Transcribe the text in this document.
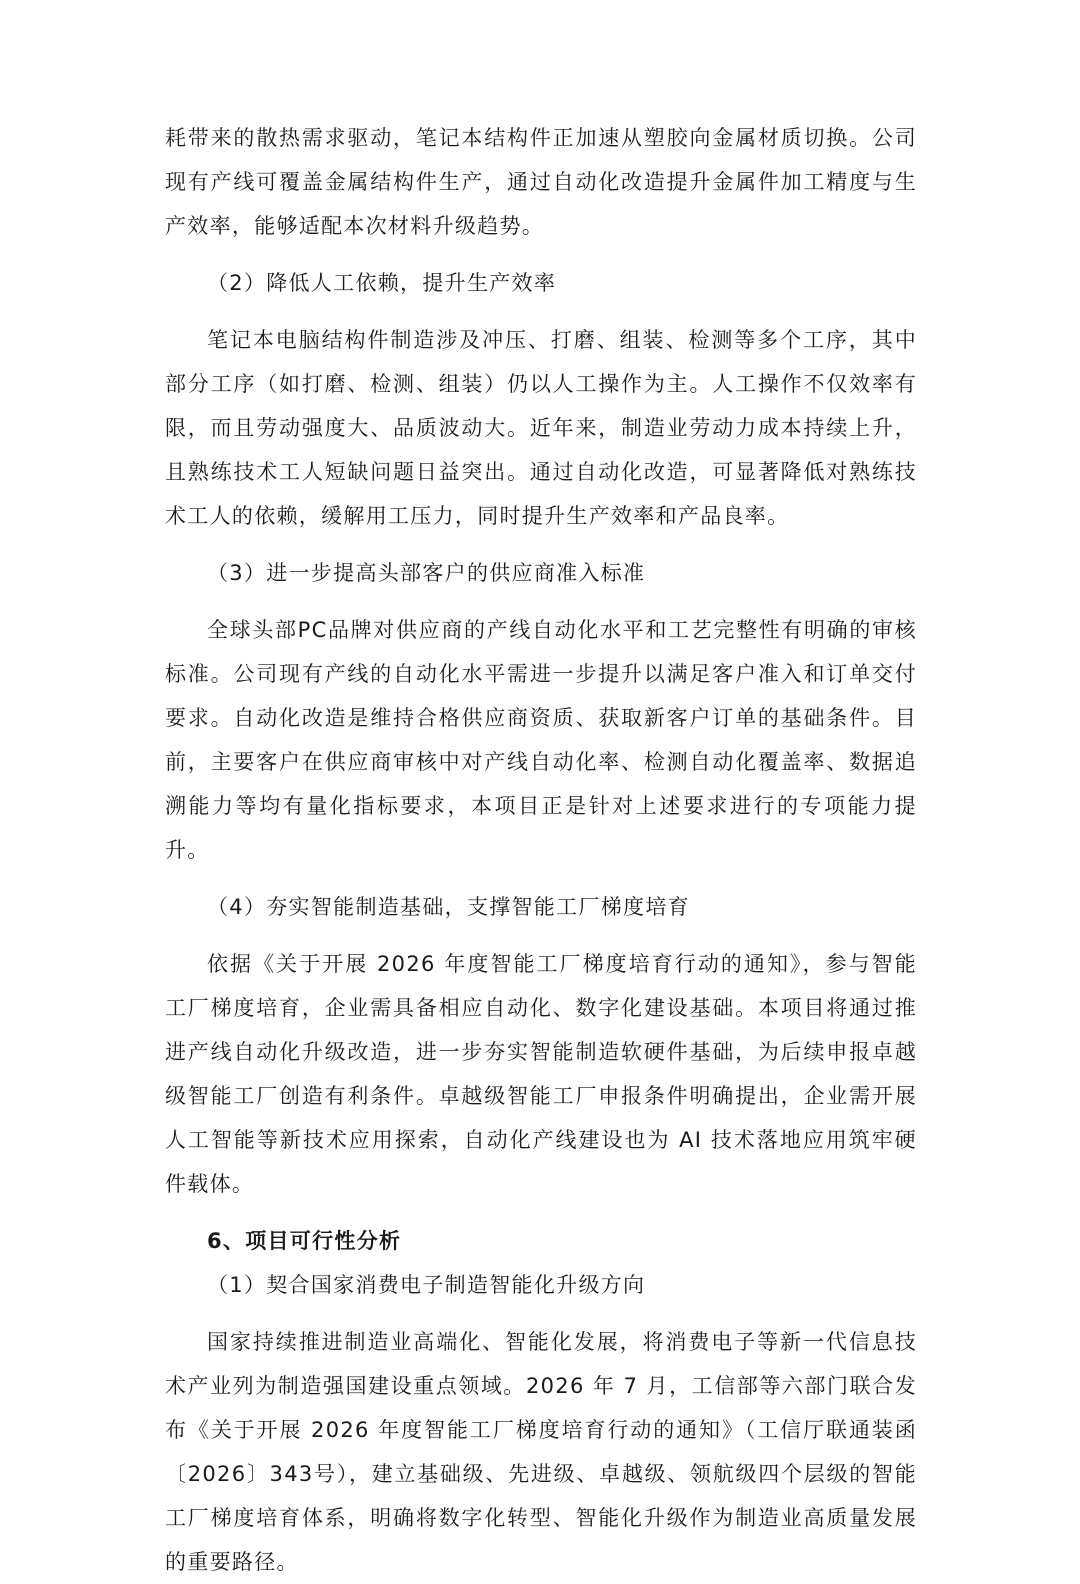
耗带来的散热需求驱动，笔记本结构件正加速从塑胶向金属材质切换。公司现有产线可覆盖金属结构件生产，通过自动化改造提升金属件加工精度与生产效率，能够适配本次材料升级趋势。

（2）降低人工依赖，提升生产效率

笔记本电脑结构件制造涉及冲压、打磨、组装、检测等多个工序，其中部分工序（如打磨、检测、组装）仍以人工操作为主。人工操作不仅效率有限，而且劳动强度大、品质波动大。近年来，制造业劳动力成本持续上升，且熟练技术工人短缺问题日益突出。通过自动化改造，可显著降低对熟练技术工人的依赖，缓解用工压力，同时提升生产效率和产品良率。

（3）进一步提高头部客户的供应商准入标准

全球头部PC品牌对供应商的产线自动化水平和工艺完整性有明确的审核标准。公司现有产线的自动化水平需进一步提升以满足客户准入和订单交付要求。自动化改造是维持合格供应商资质、获取新客户订单的基础条件。目前，主要客户在供应商审核中对产线自动化率、检测自动化覆盖率、数据追溯能力等均有量化指标要求，本项目正是针对上述要求进行的专项能力提升。

（4）夯实智能制造基础，支撑智能工厂梯度培育

依据《关于开展 2026 年度智能工厂梯度培育行动的通知》，参与智能工厂梯度培育，企业需具备相应自动化、数字化建设基础。本项目将通过推进产线自动化升级改造，进一步夯实智能制造软硬件基础，为后续申报卓越级智能工厂创造有利条件。卓越级智能工厂申报条件明确提出，企业需开展人工智能等新技术应用探索，自动化产线建设也为 AI 技术落地应用筑牢硬件载体。

6、项目可行性分析

（1）契合国家消费电子制造智能化升级方向

国家持续推进制造业高端化、智能化发展，将消费电子等新一代信息技术产业列为制造强国建设重点领域。2026 年 7 月，工信部等六部门联合发布《关于开展 2026 年度智能工厂梯度培育行动的通知》（工信厅联通装函〔2026〕343号），建立基础级、先进级、卓越级、领航级四个层级的智能工厂梯度培育体系，明确将数字化转型、智能化升级作为制造业高质量发展的重要路径。
